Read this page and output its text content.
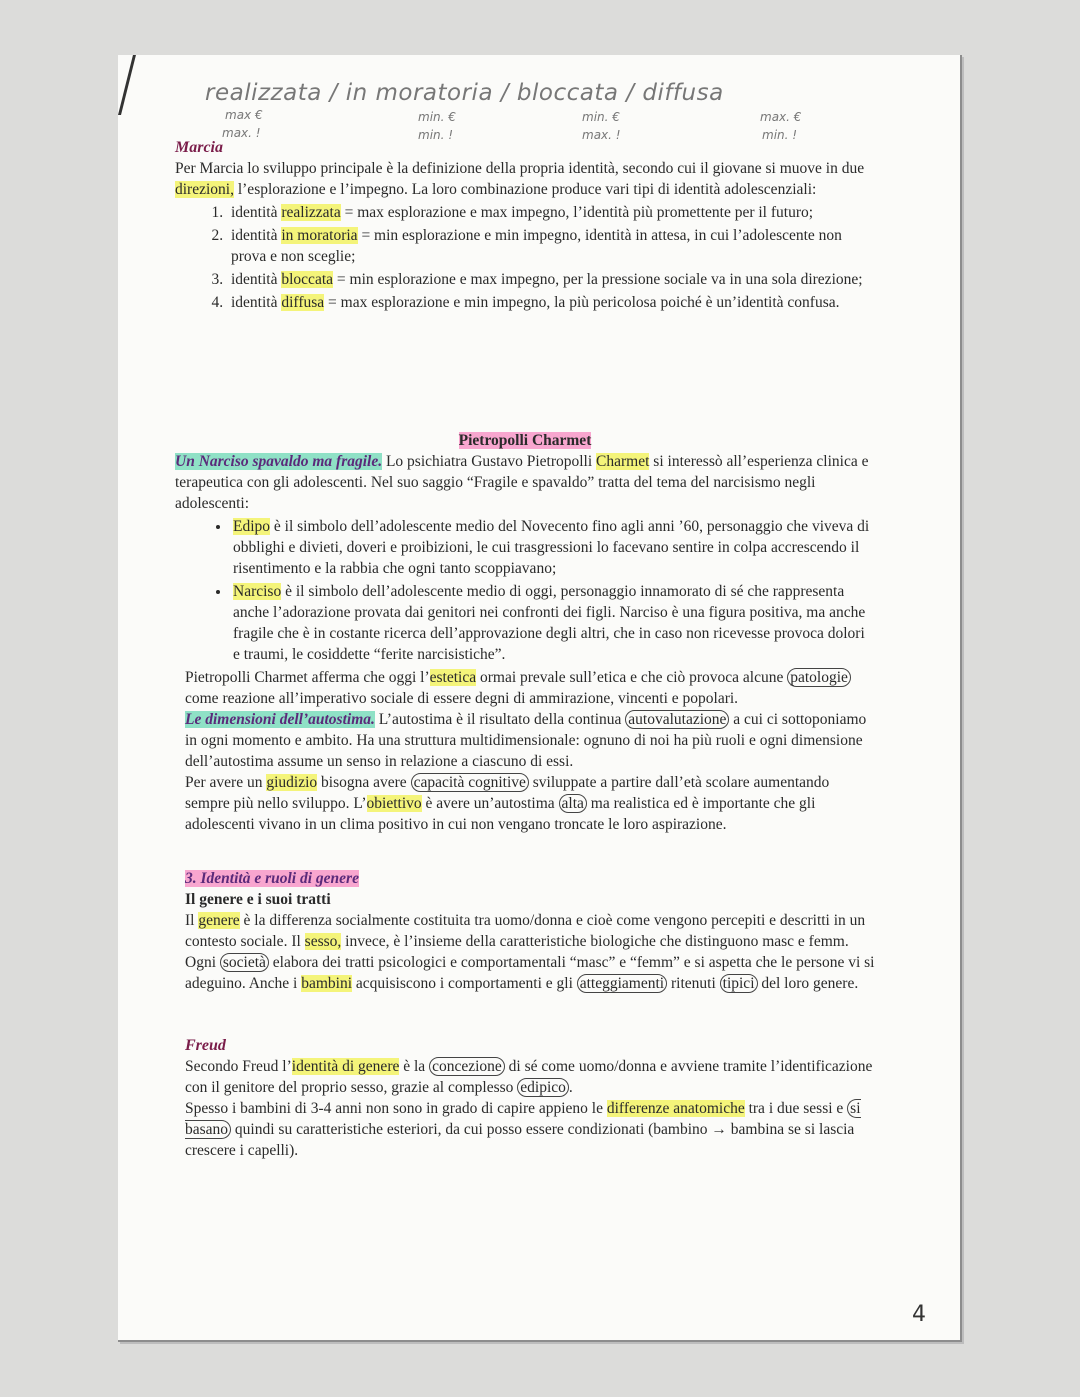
realizzata / in moratoria / bloccata / diffusa
max €
max. !
min. €
min. !
min. €
max. !
max. €
min. !

Marcia

Per Marcia lo sviluppo principale è la definizione della propria identità, secondo cui il giovane si muove in due direzioni, l’esplorazione e l’impegno. La loro combinazione produce vari tipi di identità adolescenziali:

1. identità realizzata = max esplorazione e max impegno, l’identità più promettente per il futuro;
2. identità in moratoria = min esplorazione e min impegno, identità in attesa, in cui l’adolescente non prova e non sceglie;
3. identità bloccata = min esplorazione e max impegno, per la pressione sociale va in una sola direzione;
4. identità diffusa = max esplorazione e min impegno, la più pericolosa poiché è un’identità confusa.

Pietropolli Charmet

Un Narciso spavaldo ma fragile. Lo psichiatra Gustavo Pietropolli Charmet si interessò all’esperienza clinica e terapeutica con gli adolescenti. Nel suo saggio “Fragile e spavaldo” tratta del tema del narcisismo negli adolescenti:

• Edipo è il simbolo dell’adolescente medio del Novecento fino agli anni ’60, personaggio che viveva di obblighi e divieti, doveri e proibizioni, le cui trasgressioni lo facevano sentire in colpa accrescendo il risentimento e la rabbia che ogni tanto scoppiavano;
• Narciso è il simbolo dell’adolescente medio di oggi, personaggio innamorato di sé che rappresenta anche l’adorazione provata dai genitori nei confronti dei figli. Narciso è una figura positiva, ma anche fragile che è in costante ricerca dell’approvazione degli altri, che in caso non ricevesse provoca dolori e traumi, le cosiddette “ferite narcisistiche”.

Pietropolli Charmet afferma che oggi l’estetica ormai prevale sull’etica e che ciò provoca alcune patologie come reazione all’imperativo sociale di essere degni di ammirazione, vincenti e popolari.

Le dimensioni dell’autostima. L’autostima è il risultato della continua autovalutazione a cui ci sottoponiamo in ogni momento e ambito. Ha una struttura multidimensionale: ognuno di noi ha più ruoli e ogni dimensione dell’autostima assume un senso in relazione a ciascuno di essi.

Per avere un giudizio bisogna avere capacità cognitive sviluppate a partire dall’età scolare aumentando sempre più nello sviluppo. L’obiettivo è avere un’autostima alta ma realistica ed è importante che gli adolescenti vivano in un clima positivo in cui non vengano troncate le loro aspirazione.

3. Identità e ruoli di genere

Il genere e i suoi tratti

Il genere è la differenza socialmente costituita tra uomo/donna e cioè come vengono percepiti e descritti in un contesto sociale. Il sesso, invece, è l’insieme della caratteristiche biologiche che distinguono masc e femm. Ogni società elabora dei tratti psicologici e comportamentali “masc” e “femm” e si aspetta che le persone vi si adeguino. Anche i bambini acquisiscono i comportamenti e gli atteggiamenti ritenuti tipici del loro genere.

Freud

Secondo Freud l’identità di genere è la concezione di sé come uomo/donna e avviene tramite l’identificazione con il genitore del proprio sesso, grazie al complesso edipico .

Spesso i bambini di 3-4 anni non sono in grado di capire appieno le differenze anatomiche tra i due sessi e si basano quindi su caratteristiche esteriori, da cui posso essere condizionati (bambino → bambina se si lascia crescere i capelli).

4
